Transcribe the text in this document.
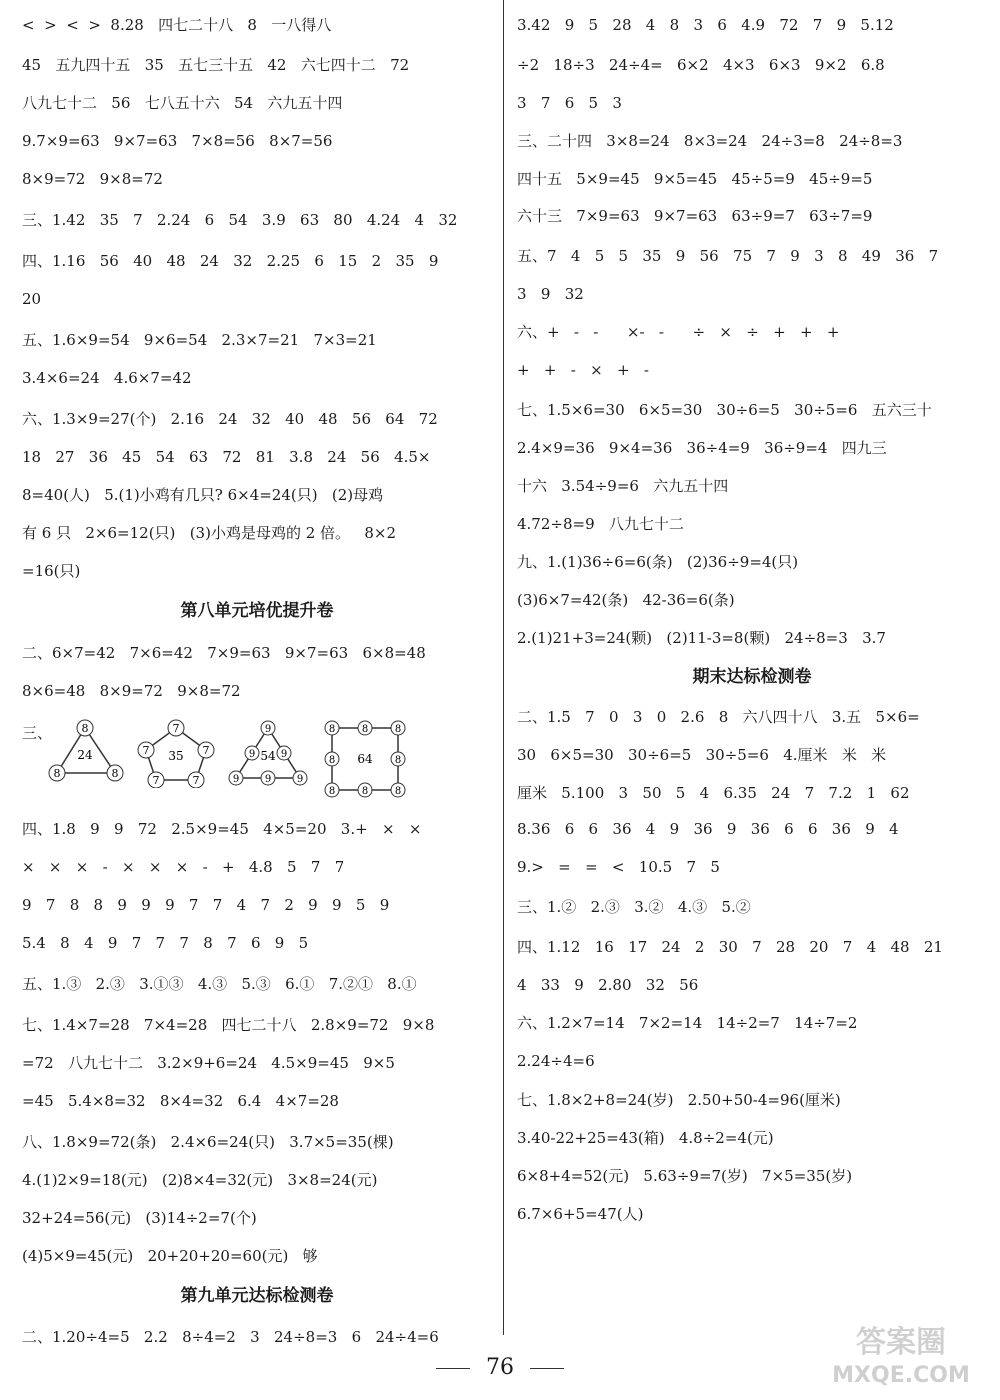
<  >  <  >  8.28   四七二十八   8   一八得八
45   五九四十五   35   五七三十五   42   六七四十二   72
八九七十二   56   七八五十六   54   六九五十四
9.7×9=63   9×7=63   7×8=56   8×7=56
8×9=72   9×8=72
三、1.42   35   7   2.24   6   54   3.9   63   80   4.24   4   32
四、1.16   56   40   48   24   32   2.25   6   15   2   35   9
20
五、1.6×9=54   9×6=54   2.3×7=21   7×3=21
3.4×6=24   4.6×7=42
六、1.3×9=27(个)   2.16   24   32   40   48   56   64   72
18   27   36   45   54   63   72   81   3.8   24   56   4.5×
8=40(人)   5.(1)小鸡有几只? 6×4=24(只)   (2)母鸡
有 6 只   2×6=12(只)   (3)小鸡是母鸡的 2 倍。   8×2
=16(只)
第八单元培优提升卷
二、6×7=42   7×6=42   7×9=63   9×7=63   6×8=48
8×6=48   8×9=72   9×8=72
三、
四、1.8   9   9   72   2.5×9=45   4×5=20   3.+   ×   ×
×   ×   ×   -   ×   ×   ×   -   +   4.8   5   7   7
9   7   8   8   9   9   9   7   7   4   7   2   9   9   5   9
5.4   8   4   9   7   7   7   8   7   6   9   5
五、1.③   2.③   3.①③   4.③   5.③   6.①   7.②①   8.①
七、1.4×7=28   7×4=28   四七二十八   2.8×9=72   9×8
=72   八九七十二   3.2×9+6=24   4.5×9=45   9×5
=45   5.4×8=32   8×4=32   6.4   4×7=28
八、1.8×9=72(条)   2.4×6=24(只)   3.7×5=35(棵)
4.(1)2×9=18(元)   (2)8×4=32(元)   3×8=24(元)
32+24=56(元)   (3)14÷2=7(个)
(4)5×9=45(元)   20+20+20=60(元)   够
第九单元达标检测卷
二、1.20÷4=5   2.2   8÷4=2   3   24÷8=3   6   24÷4=6
3.42   9   5   28   4   8   3   6   4.9   72   7   9   5.12
÷2   18÷3   24÷4=   6×2   4×3   6×3   9×2   6.8
3   7   6   5   3
三、二十四   3×8=24   8×3=24   24÷3=8   24÷8=3
四十五   5×9=45   9×5=45   45÷5=9   45÷9=5
六十三   7×9=63   9×7=63   63÷9=7   63÷7=9
五、7   4   5   5   35   9   56   75   7   9   3   8   49   36   7
3   9   32
六、+   -   -      ×-   -      ÷   ×   ÷   +   +   +
+   +   -   ×   +   -
七、1.5×6=30   6×5=30   30÷6=5   30÷5=6   五六三十
2.4×9=36   9×4=36   36÷4=9   36÷9=4   四九三
十六   3.54÷9=6   六九五十四
4.72÷8=9   八九七十二
九、1.(1)36÷6=6(条)   (2)36÷9=4(只)
(3)6×7=42(条)   42-36=6(条)
2.(1)21+3=24(颗)   (2)11-3=8(颗)   24÷8=3   3.7
期末达标检测卷
二、1.5   7   0   3   0   2.6   8   六八四十八   3.五   5×6=
30   6×5=30   30÷6=5   30÷5=6   4.厘米   米   米
厘米   5.100   3   50   5   4   6.35   24   7   7.2   1   62
8.36   6   6   36   4   9   36   9   36   6   6   36   9   4
9.>   =   =   <   10.5   7   5
三、1.②   2.③   3.②   4.③   5.②
四、1.12   16   17   24   2   30   7   28   20   7   4   48   21
4   33   9   2.80   32   56
六、1.2×7=14   7×2=14   14÷2=7   14÷7=2
2.24÷4=6
七、1.8×2+8=24(岁)   2.50+50-4=96(厘米)
3.40-22+25=43(箱)   4.8÷2=4(元)
6×8+4=52(元)   5.63÷9=7(岁)   7×5=35(岁)
6.7×6+5=47(人)
8
8	8
24
7
7
7
7
7 35
9
9	9
9	9	9
54
8	8	8
8	8
8	8	8
64
76
答案圈
MXQE.COM
